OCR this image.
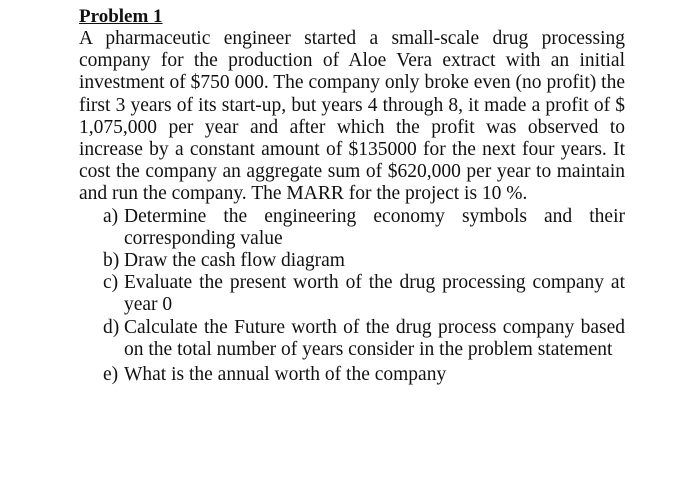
Problem 1

A pharmaceutic engineer started a small-scale drug processing company for the production of Aloe Vera extract with an initial investment of $750 000. The company only broke even (no profit) the first 3 years of its start-up, but years 4 through 8, it made a profit of $ 1,075,000 per year and after which the profit was observed to increase by a constant amount of $135000 for the next four years. It cost the company an aggregate sum of $620,000 per year to maintain and run the company. The MARR for the project is 10 %.

a) Determine the engineering economy symbols and their corresponding value
b) Draw the cash flow diagram
c) Evaluate the present worth of the drug processing company at year 0
d) Calculate the Future worth of the drug process company based on the total number of years consider in the problem statement
e) What is the annual worth of the company
